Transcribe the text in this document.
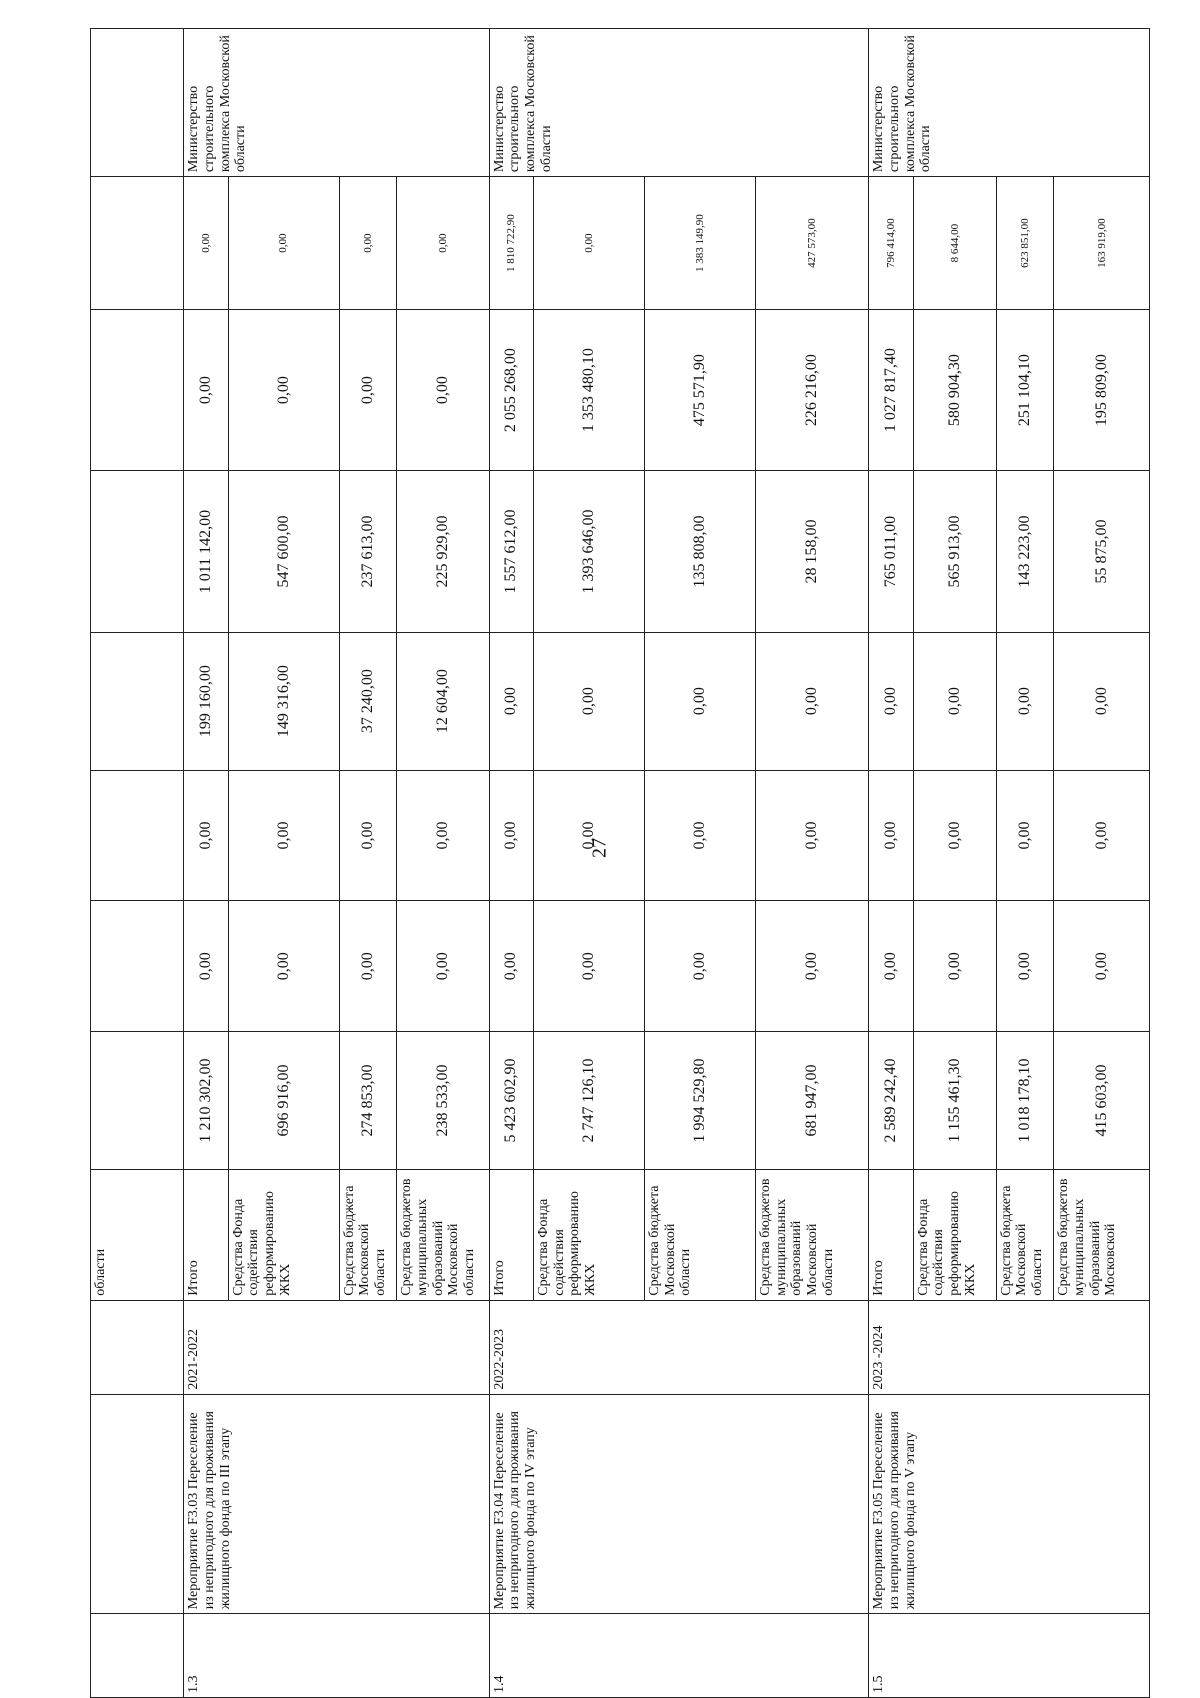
27
			области								
1.3	Мероприятие F3.03 Переселение из непригодного для проживания жилищного фонда по III этапу	2021-2022	Итого	1 210 302,00	0,00	0,00	199 160,00	1 011 142,00	0,00	0,00	Министерство строительного комплекса Московской области
			Средства Фонда содействия реформированию ЖКХ	696 916,00	0,00	0,00	149 316,00	547 600,00	0,00	0,00	
			Средства бюджета Московской области	274 853,00	0,00	0,00	37 240,00	237 613,00	0,00	0,00	
			Средства бюджетов муниципальных образований Московской области	238 533,00	0,00	0,00	12 604,00	225 929,00	0,00	0,00	
1.4	Мероприятие F3.04 Переселение из непригодного для проживания жилищного фонда по IV этапу	2022-2023	Итого	5 423 602,90	0,00	0,00	0,00	1 557 612,00	2 055 268,00	1 810 722,90	Министерство строительного комплекса Московской области
			Средства Фонда содействия реформированию ЖКХ	2 747 126,10	0,00	0,00	0,00	1 393 646,00	1 353 480,10	0,00	
			Средства бюджета Московской области	1 994 529,80	0,00	0,00	0,00	135 808,00	475 571,90	1 383 149,90	
			Средства бюджетов муниципальных образований Московской области	681 947,00	0,00	0,00	0,00	28 158,00	226 216,00	427 573,00	
1.5	Мероприятие F3.05 Переселение из непригодного для проживания жилищного фонда по V этапу	2023 -2024	Итого	2 589 242,40	0,00	0,00	0,00	765 011,00	1 027 817,40	796 414,00	Министерство строительного комплекса Московской области
			Средства Фонда содействия реформированию ЖКХ	1 155 461,30	0,00	0,00	0,00	565 913,00	580 904,30	8 644,00	
			Средства бюджета Московской области	1 018 178,10	0,00	0,00	0,00	143 223,00	251 104,10	623 851,00	
			Средства бюджетов муниципальных образований Московской	415 603,00	0,00	0,00	0,00	55 875,00	195 809,00	163 919,00	
